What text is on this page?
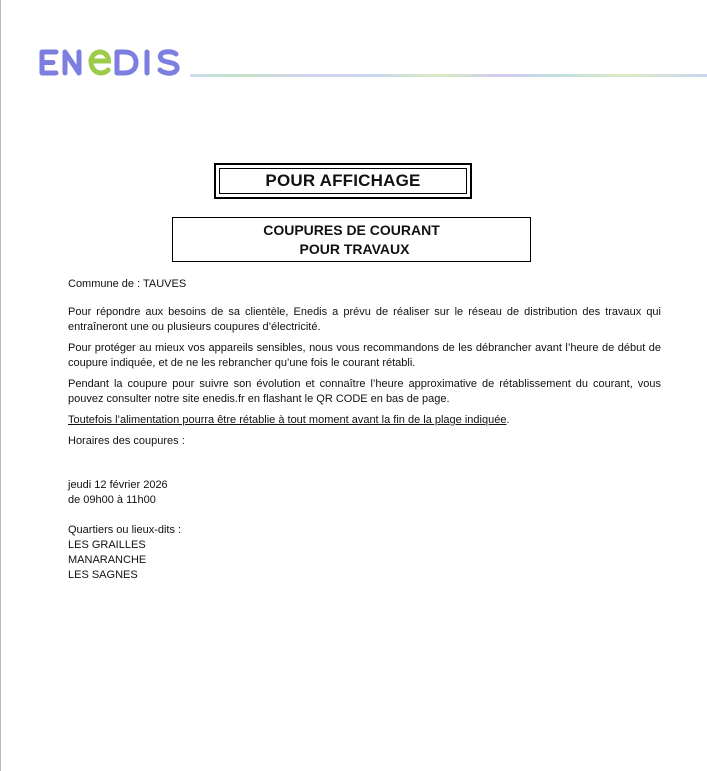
POUR AFFICHAGE
COUPURES DE COURANT
POUR TRAVAUX

Commune de : TAUVES

Pour répondre aux besoins de sa clientèle, Enedis a prévu de réaliser sur le réseau de distribution des travaux qui entraîneront une ou plusieurs coupures d’électricité.

Pour protéger au mieux vos appareils sensibles, nous vous recommandons de les débrancher avant l’heure de début de coupure indiquée, et de ne les rebrancher qu’une fois le courant rétabli.

Pendant la coupure pour suivre son évolution et connaître l’heure approximative de rétablissement du courant, vous pouvez consulter notre site enedis.fr en flashant le QR CODE en bas de page.

Toutefois l’alimentation pourra être rétablie à tout moment avant la fin de la plage indiquée.

Horaires des coupures :

jeudi 12 février 2026

de 09h00 à 11h00

Quartiers ou lieux-dits :

LES GRAILLES

MANARANCHE

LES SAGNES
